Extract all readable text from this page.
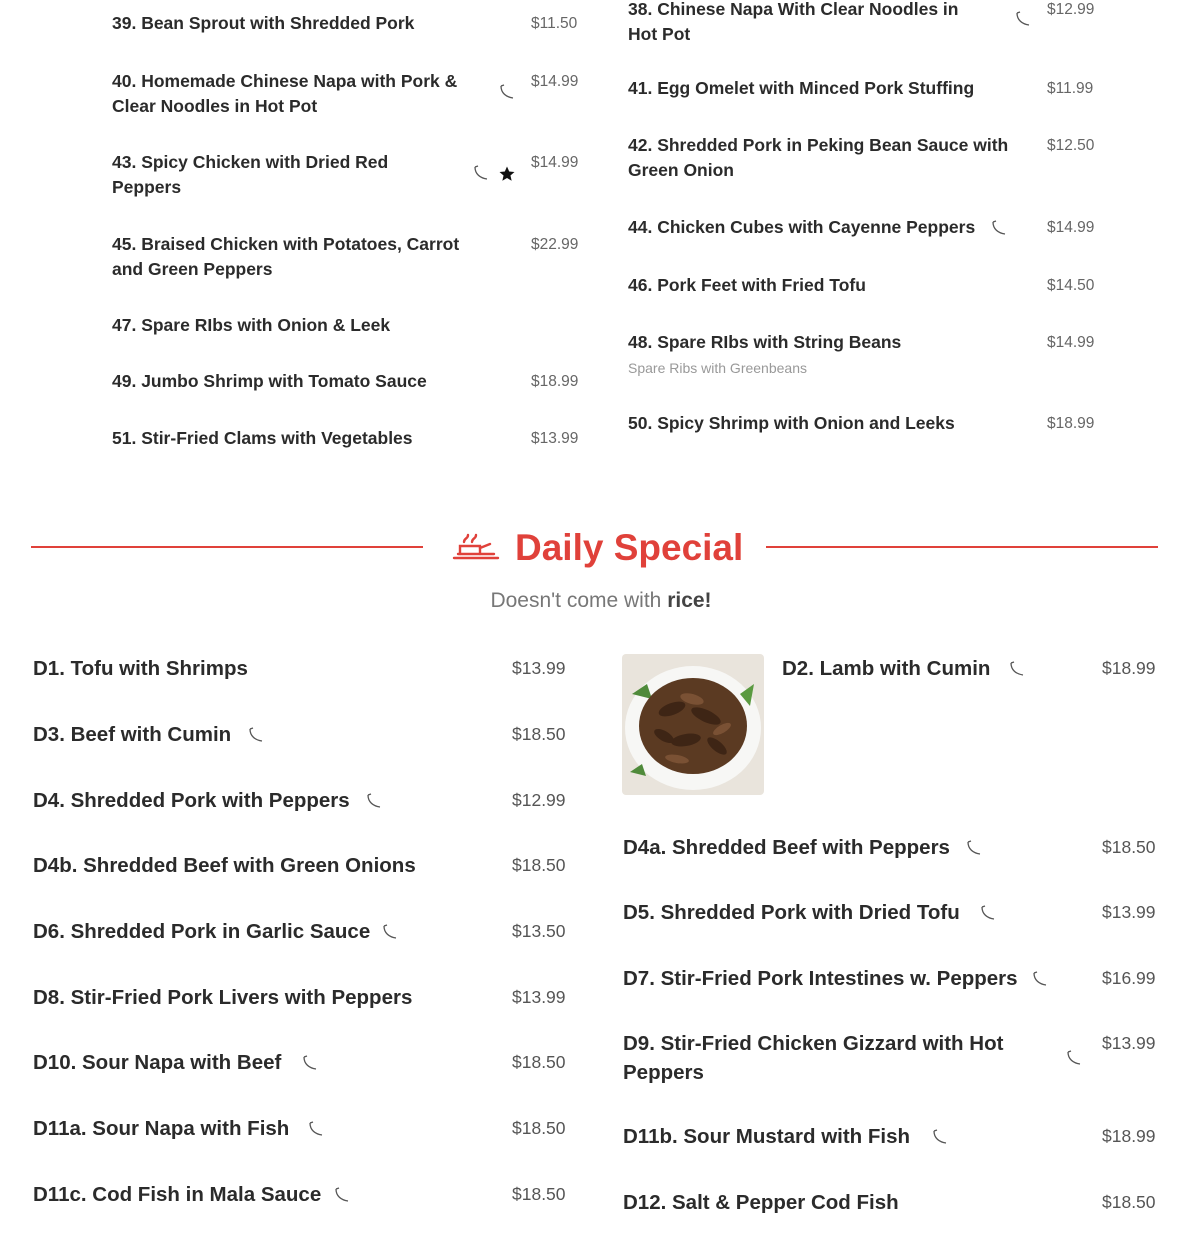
39. Bean Sprout with Shredded Pork	$11.50
40. Homemade Chinese Napa with Pork &
Clear Noodles in Hot Pot
$14.99
43. Spicy Chicken with Dried Red
Peppers
$14.99
45. Braised Chicken with Potatoes, Carrot
and Green Peppers
$22.99
47. Spare RIbs with Onion & Leek
49. Jumbo Shrimp with Tomato Sauce	$18.99
51. Stir-Fried Clams with Vegetables	$13.99
38. Chinese Napa With Clear Noodles in
Hot Pot
$12.99
41. Egg Omelet with Minced Pork Stuffing	$11.99
42. Shredded Pork in Peking Bean Sauce with
Green Onion
$12.50
44. Chicken Cubes with Cayenne Peppers	$14.99
46. Pork Feet with Fried Tofu	$14.50
48. Spare RIbs with String Beans
Spare Ribs with Greenbeans
$14.99
50. Spicy Shrimp with Onion and Leeks	$18.99
Daily Special
Doesn't come with rice!
D1. Tofu with Shrimps	$13.99
D3. Beef with Cumin	$18.50
D4. Shredded Pork with Peppers	$12.99
D4b. Shredded Beef with Green Onions	$18.50
D6. Shredded Pork in Garlic Sauce	$13.50
D8. Stir-Fried Pork Livers with Peppers	$13.99
D10. Sour Napa with Beef	$18.50
D11a. Sour Napa with Fish	$18.50
D11c. Cod Fish in Mala Sauce	$18.50
D2. Lamb with Cumin	$18.99
D4a. Shredded Beef with Peppers	$18.50
D5. Shredded Pork with Dried Tofu	$13.99
D7. Stir-Fried Pork Intestines w. Peppers	$16.99
D9. Stir-Fried Chicken Gizzard with Hot
Peppers
$13.99
D11b. Sour Mustard with Fish	$18.99
D12. Salt & Pepper Cod Fish	$18.50
